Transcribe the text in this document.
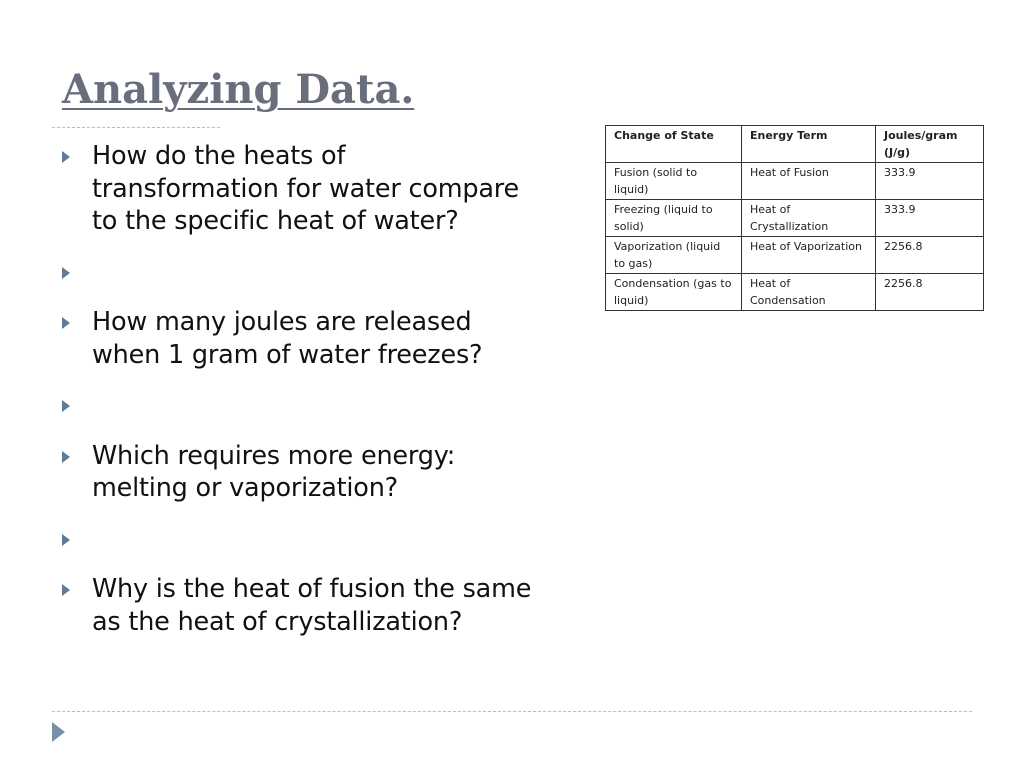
Analyzing Data.
How do the heats of transformation for water compare to the specific heat of water?
How many joules are released when 1 gram of water freezes?
Which requires more energy: melting or vaporization?
Why is the heat of fusion the same as the heat of crystallization?
Change of State	Energy Term	Joules/gram (J/g)
Fusion (solid to liquid)	Heat of Fusion	333.9
Freezing (liquid to solid)	Heat of Crystallization	333.9
Vaporization (liquid to gas)	Heat of Vaporization	2256.8
Condensation (gas to liquid)	Heat of Condensation	2256.8
